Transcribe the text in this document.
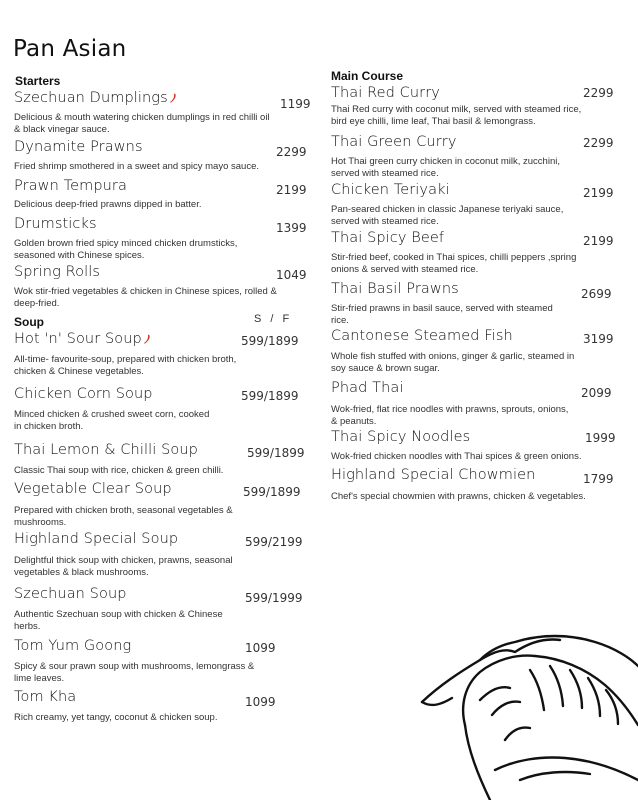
Pan Asian
Starters
Szechuan Dumplings	1199
Delicious & mouth watering chicken dumplings in red chilli oil
& black vinegar sauce.
Dynamite Prawns	2299
Fried shrimp smothered in a sweet and spicy mayo sauce.
Prawn Tempura	2199
Delicious deep-fried prawns dipped in batter.
Drumsticks	1399
Golden brown fried spicy minced chicken drumsticks,
seasoned with Chinese spices.
Spring Rolls	1049
Wok stir-fried vegetables & chicken in Chinese spices, rolled &
deep-fried.
Soup	S / F
Hot 'n' Sour Soup	599/1899
All-time- favourite-soup, prepared with chicken broth,
chicken & Chinese vegetables.
Chicken Corn Soup	599/1899
Minced chicken & crushed sweet corn, cooked
in chicken broth.
Thai Lemon & Chilli Soup	599/1899
Classic Thai soup with rice, chicken & green chilli.
Vegetable Clear Soup	599/1899
Prepared with chicken broth, seasonal vegetables &
mushrooms.
Highland Special Soup	599/2199
Delightful thick soup with chicken, prawns, seasonal
vegetables & black mushrooms.
Szechuan Soup	599/1999
Authentic Szechuan soup with chicken & Chinese
herbs.
Tom Yum Goong	1099
Spicy & sour prawn soup with mushrooms, lemongrass &
lime leaves.
Tom Kha	1099
Rich creamy, yet tangy, coconut & chicken soup.
Main Course
Thai Red Curry	2299
Thai Red curry with coconut milk, served with steamed rice,
bird eye chilli, lime leaf, Thai basil & lemongrass.
Thai Green Curry	2299
Hot Thai green curry chicken in coconut milk, zucchini,
served with steamed rice.
Chicken Teriyaki	2199
Pan-seared chicken in classic Japanese teriyaki sauce,
served with steamed rice.
Thai Spicy Beef	2199
Stir-fried beef, cooked in Thai spices, chilli peppers ,spring
onions & served with steamed rice.
Thai Basil Prawns	2699
Stir-fried prawns in basil sauce, served with steamed
rice.
Cantonese Steamed Fish	3199
Whole fish stuffed with onions, ginger & garlic, steamed in
soy sauce & brown sugar.
Phad Thai	2099
Wok-fried, flat rice noodles with prawns, sprouts, onions,
& peanuts.
Thai Spicy Noodles	1999
Wok-fried chicken noodles with Thai spices & green onions.
Highland Special Chowmien	1799
Chef's special chowmien with prawns, chicken & vegetables.
